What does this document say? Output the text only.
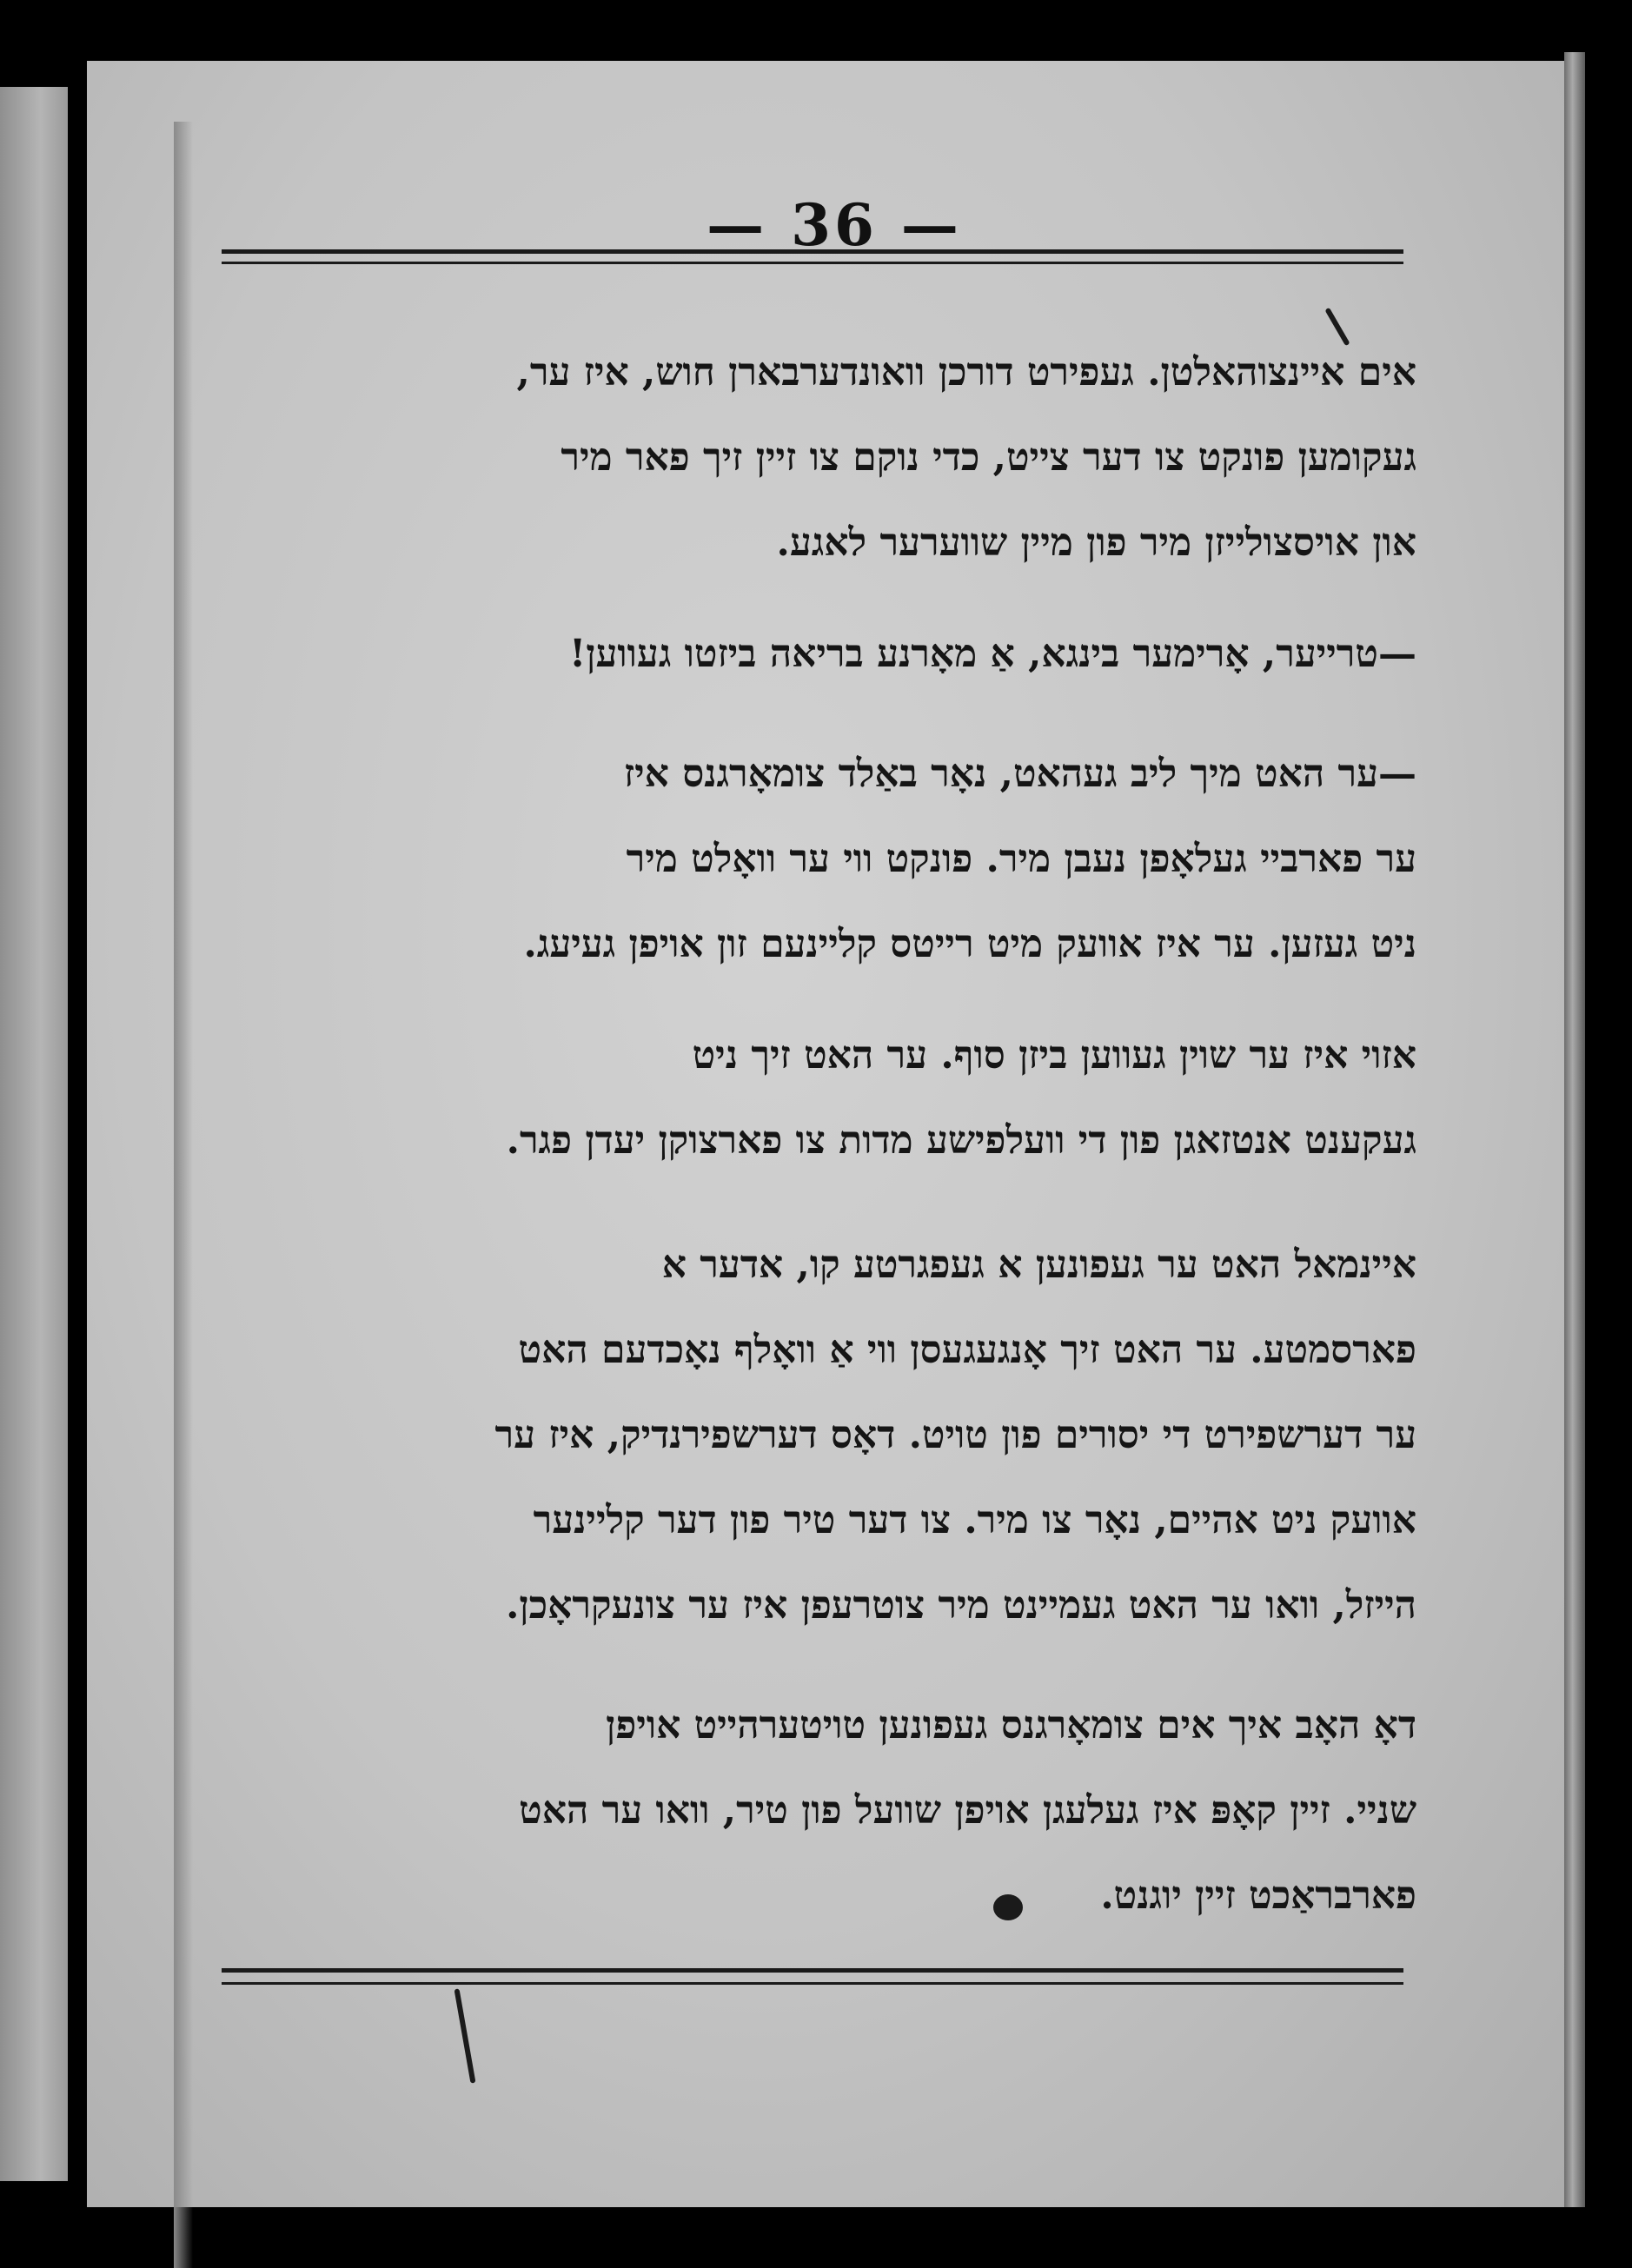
— 36 —

אים איינצוהאלטן. געפירט דורכן וואונדערבארן חוש, איז ער,

געקומען פונקט צו דער צייט, כדי נוקם צו זיין זיך פאר מיר

און אויסצולייזן מיר פון מיין שווערער לאגע.

—טרייער, אָרימער בינגא, אַ מאָרנע בריאה ביזטו געווען!

—ער האט מיך ליב געהאט, נאָר באַלד צומאָרגנס איז

ער פארביי געלאָפן נעבן מיר. פונקט ווי ער וואָלט מיר

ניט געזען. ער איז אוועק מיט רייטס קליינעם זון אויפן געיעג.

אזוי איז ער שוין געווען ביזן סוף. ער האט זיך ניט

געקענט אנטזאגן פון די וועלפישע מדות צו פארצוקן יעדן פגר.

איינמאל האט ער געפונען א געפגרטע קו, אדער א

פארסמטע. ער האט זיך אָנגעגעסן ווי אַ וואָלף נאָכדעם האט

ער דערשפירט די יסורים פון טויט. דאָס דערשפירנדיק, איז ער

אוועק ניט אהיים, נאָר צו מיר. צו דער טיר פון דער קליינער

הייזל, וואו ער האט געמיינט מיר צוטרעפן איז ער צונעקראָכן.

דאָ האָב איך אים צומאָרגנס געפונען טויטערהייט אויפן

שניי. זיין קאָפּ איז געלעגן אויפן שוועל פון טיר, וואו ער האט

פארבראַכט זיין יוגנט.
